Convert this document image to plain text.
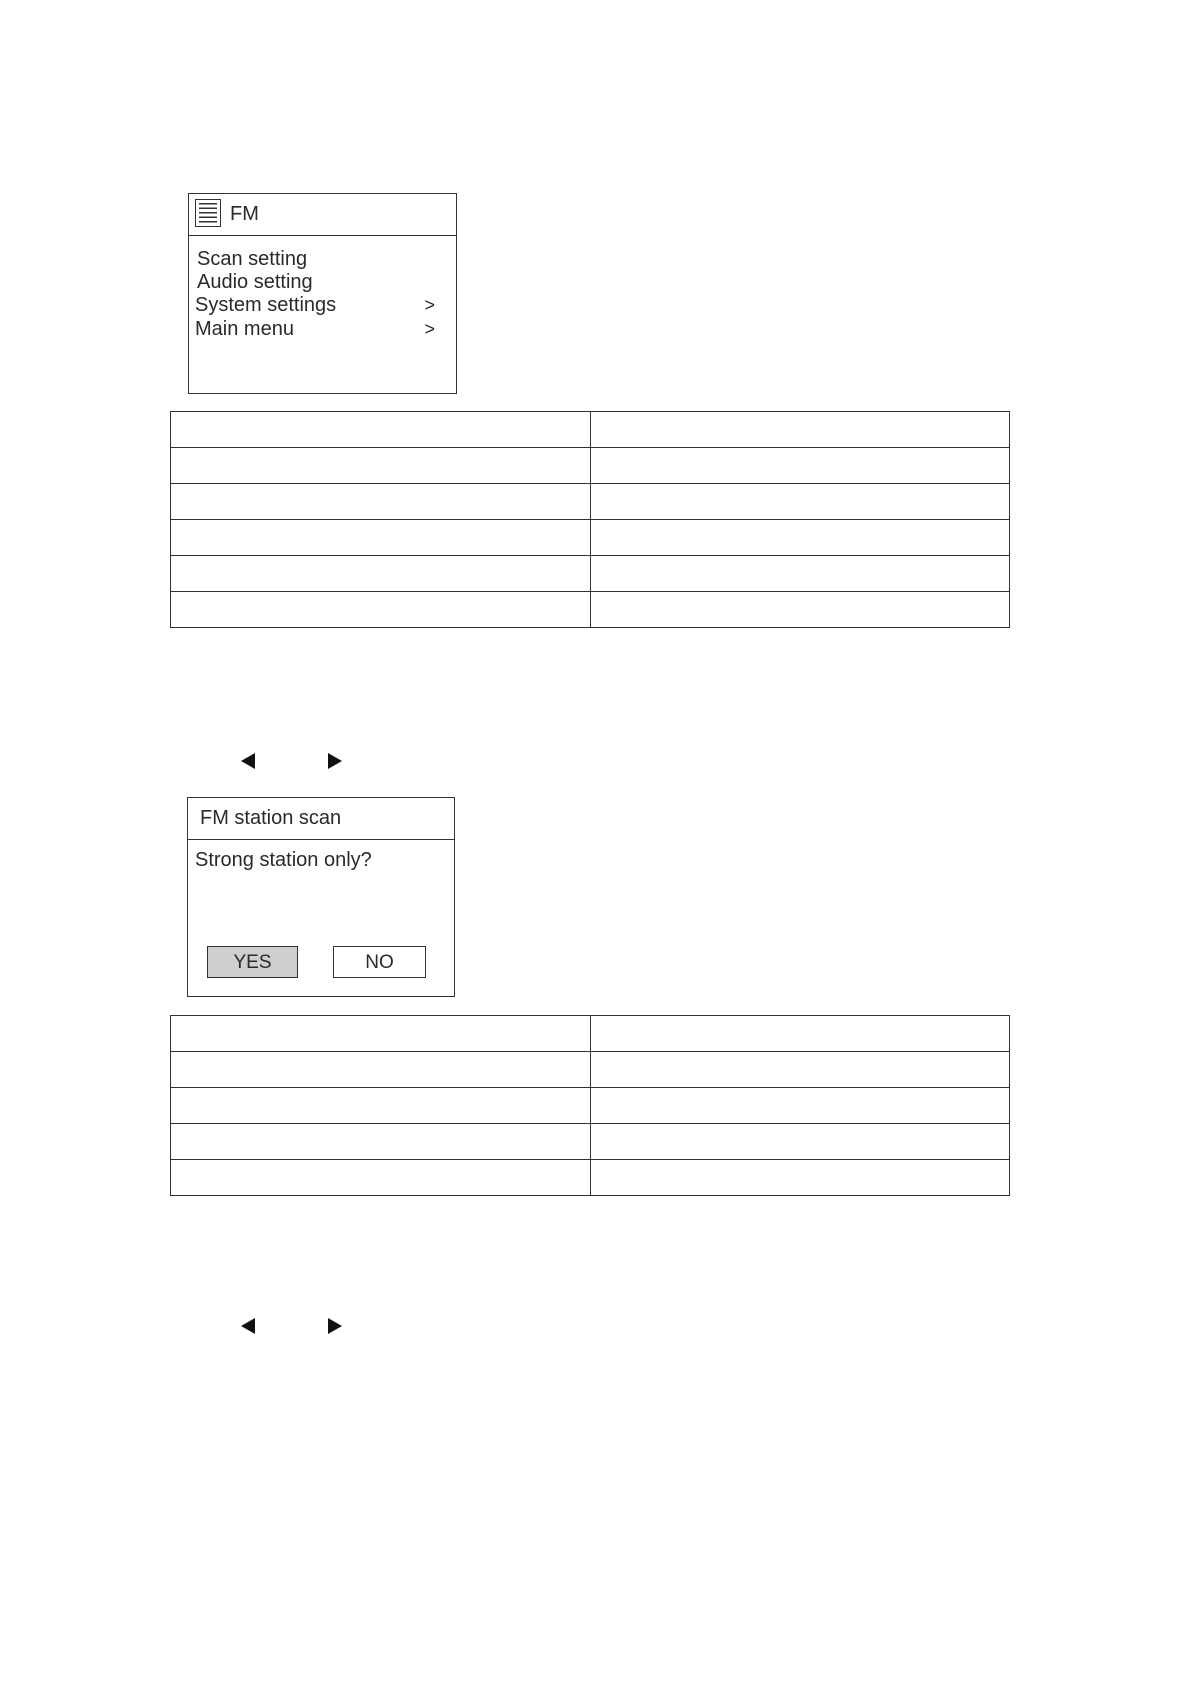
FM
Scan setting
Audio setting
System settings	>
Main menu	>

FM station scan
Strong station only?
YES	NO
